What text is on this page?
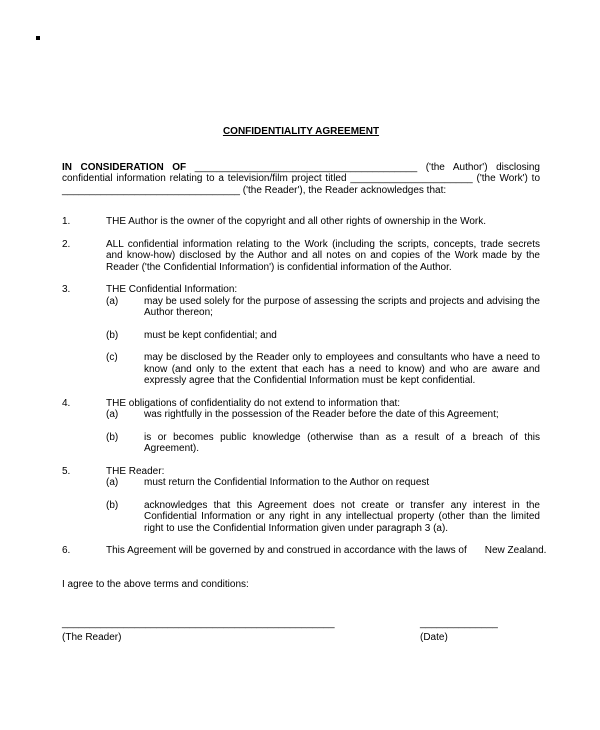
CONFIDENTIALITY AGREEMENT

IN CONSIDERATION OF ________________________________________ ('the Author') disclosing confidential information relating to a television/film project titled ______________________ ('the Work') to ________________________________ ('the Reader'), the Reader acknowledges that:

1.	THE Author is the owner of the copyright and all other rights of ownership in the Work.

2.	ALL confidential information relating to the Work (including the scripts, concepts, trade secrets and know-how) disclosed by the Author and all notes on and copies of the Work made by the Reader ('the Confidential Information') is confidential information of the Author.

3.	THE Confidential Information:

(a)	may be used solely for the purpose of assessing the scripts and projects and advising the Author thereon;

(b)	must be kept confidential; and

(c)	may be disclosed by the Reader only to employees and consultants who have a need to know (and only to the extent that each has a need to know) and who are aware and expressly agree that the Confidential Information must be kept confidential.

4.	THE obligations of confidentiality do not extend to information that:

(a)	was rightfully in the possession of the Reader before the date of this Agreement;

(b)	is or becomes public knowledge (otherwise than as a result of a breach of this Agreement).

5.	THE Reader:

(a)	must return the Confidential Information to the Author on request

(b)	acknowledges that this Agreement does not create or transfer any interest in the Confidential Information or any right in any intellectual property (other than the limited right to use the Confidential Information given under paragraph 3 (a).

6.	This Agreement will be governed by and construed in accordance with the laws of New Zealand.

I agree to the above terms and conditions:

_________________________________________________

(The Reader)

______________

(Date)
